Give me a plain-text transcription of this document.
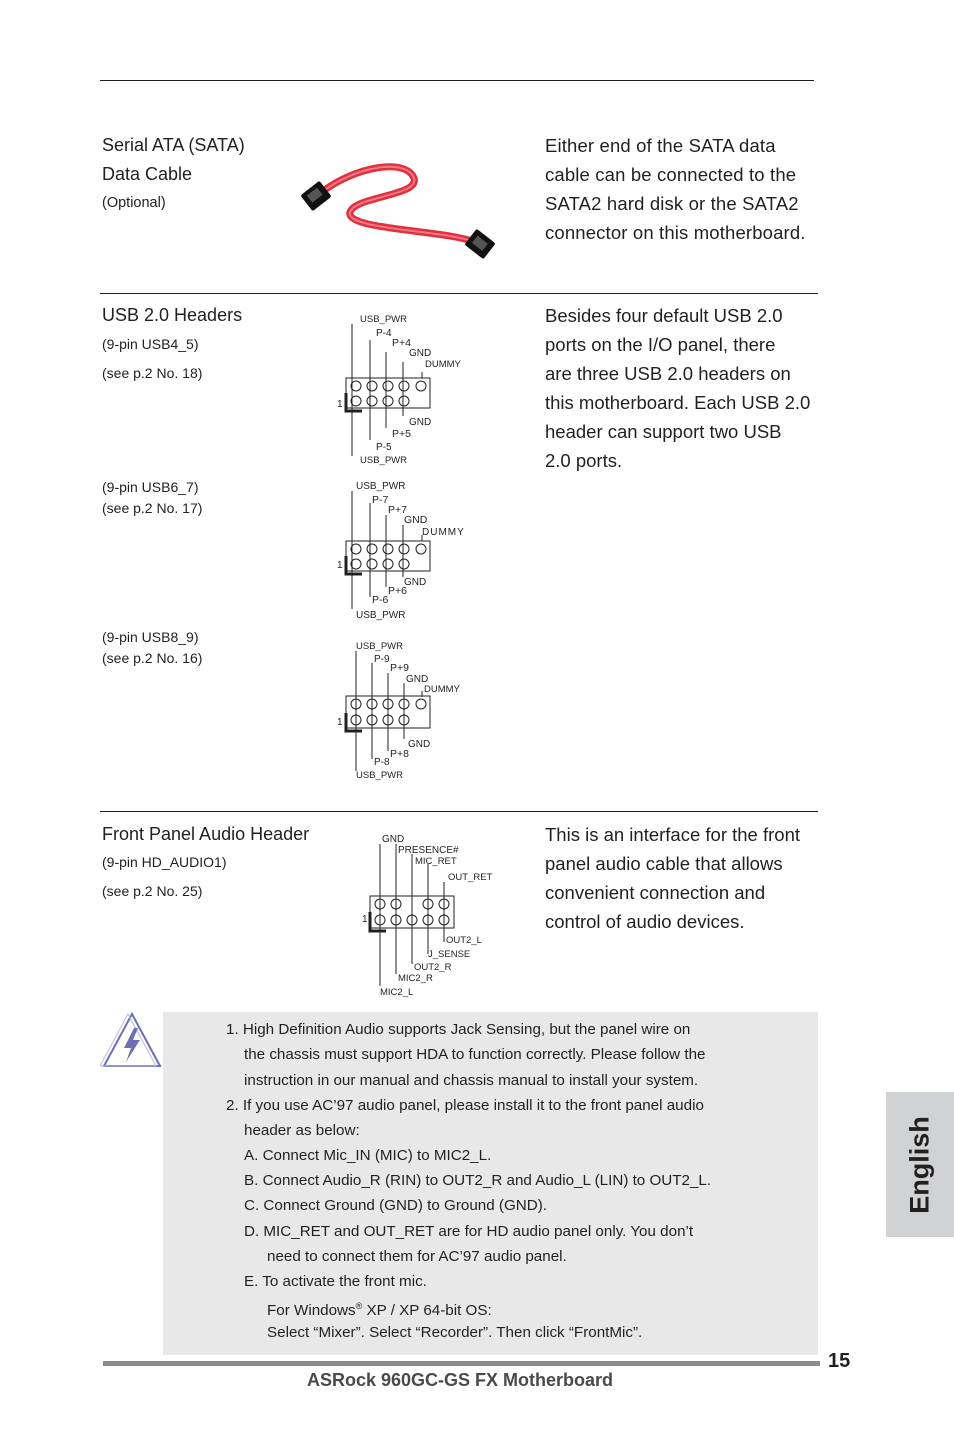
Serial ATA (SATA)
Data Cable
(Optional)
Either end of the SATA data
cable can be connected to the
SATA2 hard disk or the SATA2
connector on this motherboard.
USB 2.0 Headers	Besides four default USB 2.0
ports on the I/O panel, there
are three USB 2.0 headers on
this motherboard. Each USB 2.0
header can support two USB
2.0 ports.
(9-pin USB4_5)
(see p.2 No. 18)
USB_PWR
P-4
P+4
GND
DUMMY
1
GND
P+5
P-5
USB_PWR
(9-pin USB6_7)
(see p.2 No. 17)
USB_PWR
P-7
P+7
GND
DUMMY
1
GND
P+6
P-6
USB_PWR
(9-pin USB8_9)
(see p.2 No. 16)
USB_PWR
P-9
P+9
GND
DUMMY
1
GND
P+8
P-8
USB_PWR
Front Panel Audio Header
(9-pin HD_AUDIO1)
(see p.2 No. 25)
This is an interface for the front
panel audio cable that allows
convenient connection and
control of audio devices.
GND
PRESENCE#
MIC_RET
OUT_RET
1
OUT2_L
J_SENSE
OUT2_R
MIC2_R
MIC2_L
1. High Definition Audio supports Jack Sensing, but the panel wire on
the chassis must support HDA to function correctly. Please follow the
instruction in our manual and chassis manual to install your system.
2. If you use AC’97 audio panel, please install it to the front panel audio
header as below:
A. Connect Mic_IN (MIC) to MIC2_L.
B. Connect Audio_R (RIN) to OUT2_R and Audio_L (LIN) to OUT2_L.
C. Connect Ground (GND) to Ground (GND).
D. MIC_RET and OUT_RET are for HD audio panel only. You don’t
need to connect them for AC’97 audio panel.
E. To activate the front mic.
For Windows® XP / XP 64-bit OS:
Select “Mixer”. Select “Recorder”. Then click “FrontMic”.
English
15
ASRock 960GC-GS FX Motherboard
